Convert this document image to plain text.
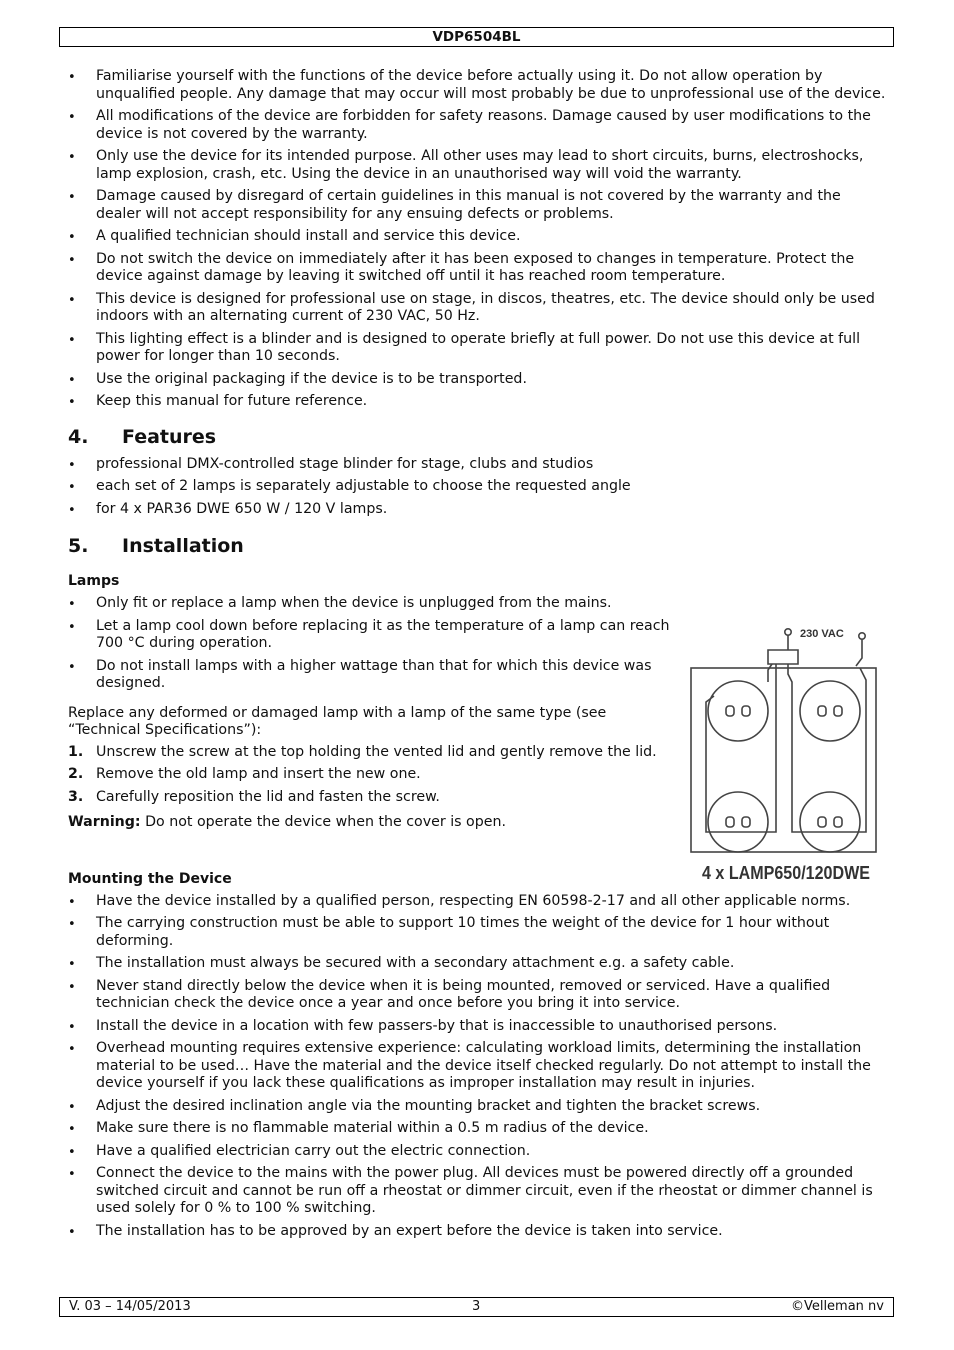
VDP6504BL
• Familiarise yourself with the functions of the device before actually using it. Do not allow operation by unqualified people. Any damage that may occur will most probably be due to unprofessional use of the device.
• All modifications of the device are forbidden for safety reasons. Damage caused by user modifications to the device is not covered by the warranty.
• Only use the device for its intended purpose. All other uses may lead to short circuits, burns, electroshocks, lamp explosion, crash, etc. Using the device in an unauthorised way will void the warranty.
• Damage caused by disregard of certain guidelines in this manual is not covered by the warranty and the dealer will not accept responsibility for any ensuing defects or problems.
• A qualified technician should install and service this device.
• Do not switch the device on immediately after it has been exposed to changes in temperature. Protect the device against damage by leaving it switched off until it has reached room temperature.
• This device is designed for professional use on stage, in discos, theatres, etc. The device should only be used indoors with an alternating current of 230 VAC, 50 Hz.
• This lighting effect is a blinder and is designed to operate briefly at full power. Do not use this device at full power for longer than 10 seconds.
• Use the original packaging if the device is to be transported.
• Keep this manual for future reference.
4.	Features
• professional DMX-controlled stage blinder for stage, clubs and studios
• each set of 2 lamps is separately adjustable to choose the requested angle
• for 4 x PAR36 DWE 650 W / 120 V lamps.
5.	Installation
Lamps
• Only fit or replace a lamp when the device is unplugged from the mains.
• Let a lamp cool down before replacing it as the temperature of a lamp can reach 700 °C during operation.
• Do not install lamps with a higher wattage than that for which this device was designed.

Replace any deformed or damaged lamp with a lamp of the same type (see “Technical Specifications”):

1. Unscrew the screw at the top holding the vented lid and gently remove the lid.
2. Remove the old lamp and insert the new one.
3. Carefully reposition the lid and fasten the screw.

Warning: Do not operate the device when the cover is open.

Mounting the Device
• Have the device installed by a qualified person, respecting EN 60598-2-17 and all other applicable norms.
• The carrying construction must be able to support 10 times the weight of the device for 1 hour without deforming.
• The installation must always be secured with a secondary attachment e.g. a safety cable.
• Never stand directly below the device when it is being mounted, removed or serviced. Have a qualified technician check the device once a year and once before you bring it into service.
• Install the device in a location with few passers-by that is inaccessible to unauthorised persons.
• Overhead mounting requires extensive experience: calculating workload limits, determining the installation material to be used… Have the material and the device itself checked regularly. Do not attempt to install the device yourself if you lack these qualifications as improper installation may result in injuries.
• Adjust the desired inclination angle via the mounting bracket and tighten the bracket screws.
• Make sure there is no flammable material within a 0.5 m radius of the device.
• Have a qualified electrician carry out the electric connection.
• Connect the device to the mains with the power plug. All devices must be powered directly off a grounded switched circuit and cannot be run off a rheostat or dimmer circuit, even if the rheostat or dimmer channel is used solely for 0 % to 100 % switching.
• The installation has to be approved by an expert before the device is taken into service.
230 VAC
4 x LAMP650/120DWE
V. 03 – 14/05/2013	3	©Velleman nv
